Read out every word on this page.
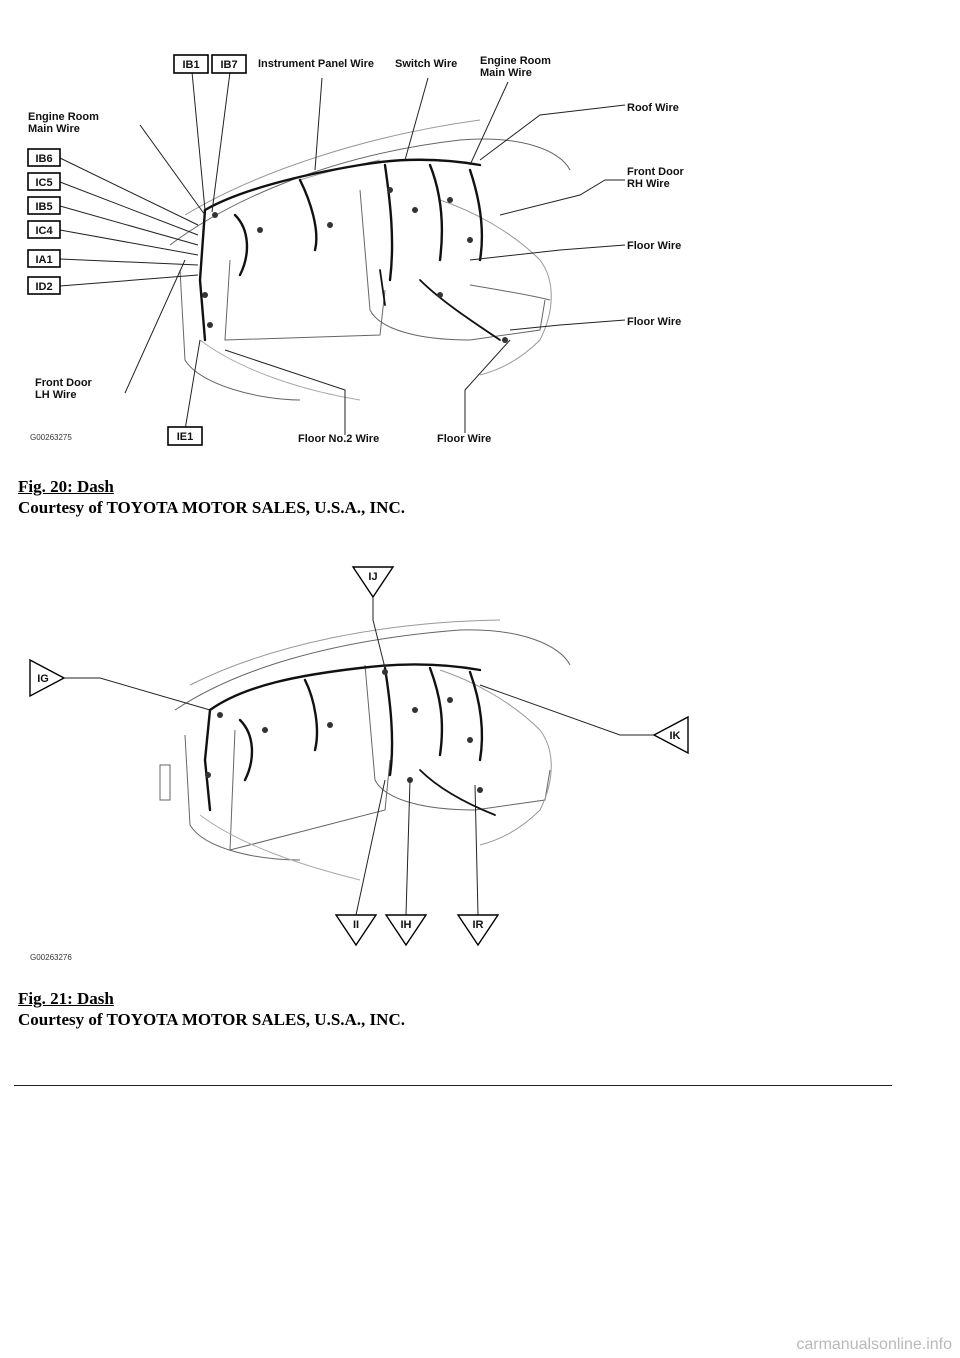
IB1 IB7 Instrument Panel Wire Switch Wire Engine Room
Main Wire
Roof Wire
Front Door
RH Wire
Floor Wire
Floor Wire
Engine Room
Main Wire
IB6
IC5
IB5
IC4
IA1
ID2
Front Door
LH Wire
IE1
G00263275	Floor No.2 Wire	Floor Wire
Fig. 20: Dash
Courtesy of TOYOTA MOTOR SALES, U.S.A., INC.
IJ
IG
IK
II	IH	IR
G00263276
Fig. 21: Dash
Courtesy of TOYOTA MOTOR SALES, U.S.A., INC.
carmanualsonline.info
